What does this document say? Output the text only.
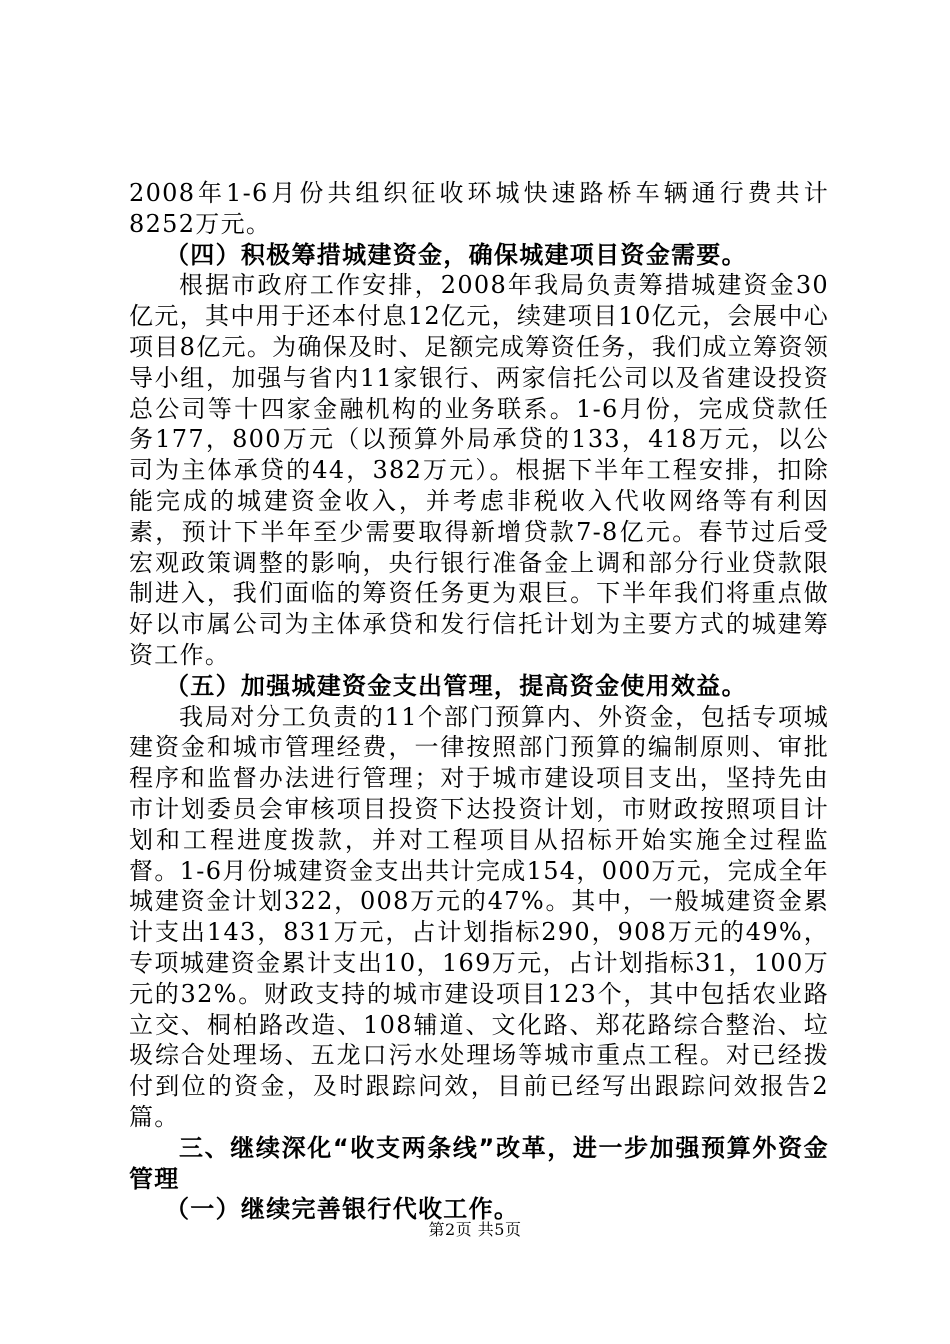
2008年1-6月份共组织征收环城快速路桥车辆通行费共计8252万元。

（四）积极筹措城建资金，确保城建项目资金需要。

根据市政府工作安排，2008年我局负责筹措城建资金30亿元，其中用于还本付息12亿元，续建项目10亿元，会展中心项目8亿元。为确保及时、足额完成筹资任务，我们成立筹资领导小组，加强与省内11家银行、两家信托公司以及省建设投资总公司等十四家金融机构的业务联系。1-6月份，完成贷款任务177，800万元（以预算外局承贷的133，418万元，以公司为主体承贷的44，382万元）。根据下半年工程安排，扣除能完成的城建资金收入，并考虑非税收入代收网络等有利因素，预计下半年至少需要取得新增贷款7-8亿元。春节过后受宏观政策调整的影响，央行银行准备金上调和部分行业贷款限制进入，我们面临的筹资任务更为艰巨。下半年我们将重点做好以市属公司为主体承贷和发行信托计划为主要方式的城建筹资工作。

（五）加强城建资金支出管理，提高资金使用效益。

我局对分工负责的11个部门预算内、外资金，包括专项城建资金和城市管理经费，一律按照部门预算的编制原则、审批程序和监督办法进行管理；对于城市建设项目支出，坚持先由市计划委员会审核项目投资下达投资计划，市财政按照项目计划和工程进度拨款，并对工程项目从招标开始实施全过程监督。1-6月份城建资金支出共计完成154，000万元，完成全年城建资金计划322，008万元的47%。其中，一般城建资金累计支出143，831万元，占计划指标290，908万元的49%，专项城建资金累计支出10，169万元，占计划指标31，100万元的32%。财政支持的城市建设项目123个，其中包括农业路立交、桐柏路改造、108辅道、文化路、郑花路综合整治、垃圾综合处理场、五龙口污水处理场等城市重点工程。对已经拨付到位的资金，及时跟踪问效，目前已经写出跟踪问效报告2篇。

三、继续深化“收支两条线”改革，进一步加强预算外资金管理

（一）继续完善银行代收工作。

第2页 共5页
